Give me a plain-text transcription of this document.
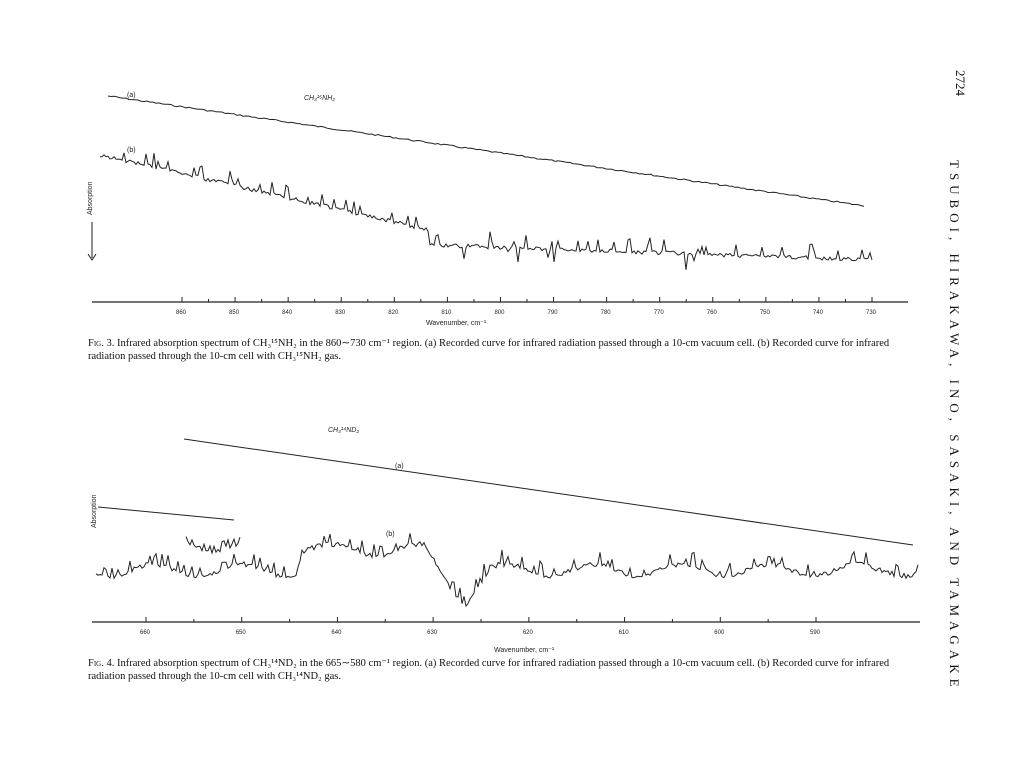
2724
TSUBOI, HIRAKAWA, INO, SASAKI, AND TAMAGAKE
Absorption
CH₃¹⁵NH₂
(a)
(b)
860	850	840	830	820	810	800	790	780	770	760	750	740	730
Wavenumber, cm⁻¹
Fig. 3. Infrared absorption spectrum of CH₃¹⁵NH₂ in the 860∼730 cm⁻¹ region. (a) Recorded curve for infrared radiation passed through a 10-cm vacuum cell. (b) Recorded curve for infrared radiation passed through the 10-cm cell with CH₃¹⁵NH₂ gas.
Absorption
CH₃¹⁴ND₂
(a)
(b)
660	650	640	630	620	610	600	590
Wavenumber, cm⁻¹
Fig. 4. Infrared absorption spectrum of CH₃¹⁴ND₂ in the 665∼580 cm⁻¹ region. (a) Recorded curve for infrared radiation passed through a 10-cm vacuum cell. (b) Recorded curve for infrared radiation passed through the 10-cm cell with CH₃¹⁴ND₂ gas.
